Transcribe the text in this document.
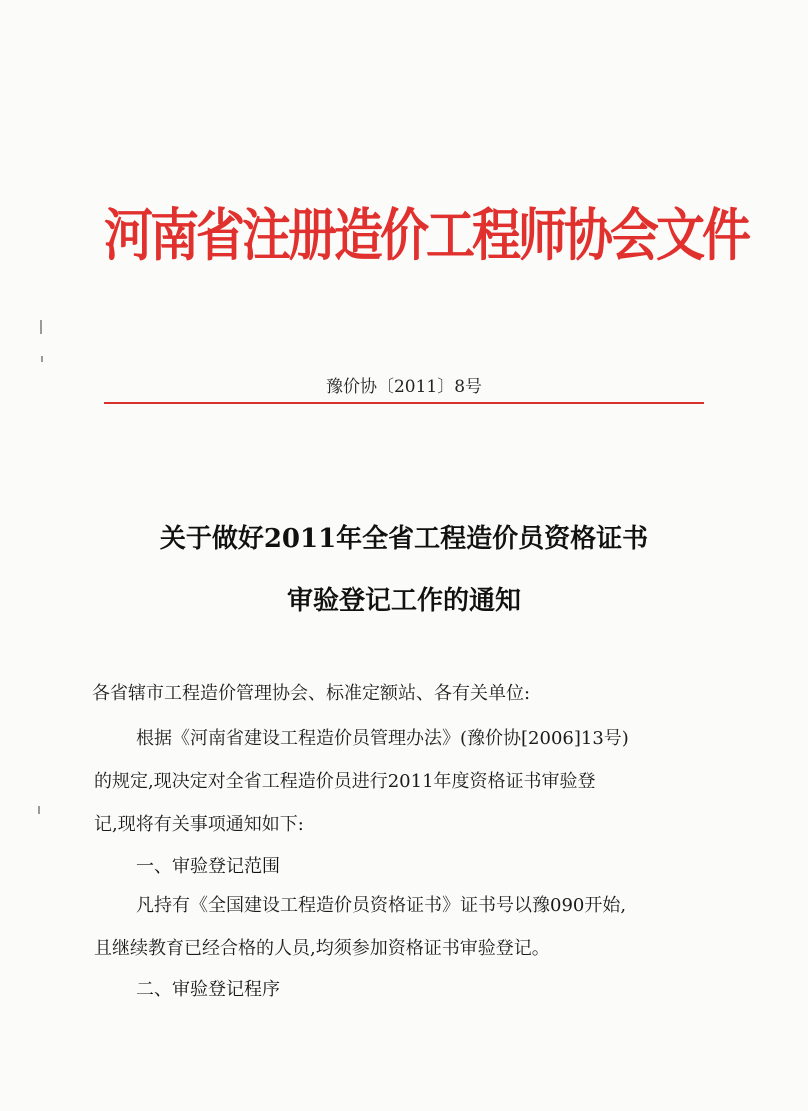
河南省注册造价工程师协会文件
豫价协〔2011〕8号
关于做好2011年全省工程造价员资格证书
审验登记工作的通知
各省辖市工程造价管理协会、标准定额站、各有关单位:
根据《河南省建设工程造价员管理办法》(豫价协[2006]13号)
的规定,现决定对全省工程造价员进行2011年度资格证书审验登
记,现将有关事项通知如下:
一、审验登记范围
凡持有《全国建设工程造价员资格证书》证书号以豫090开始,
且继续教育已经合格的人员,均须参加资格证书审验登记。
二、审验登记程序
